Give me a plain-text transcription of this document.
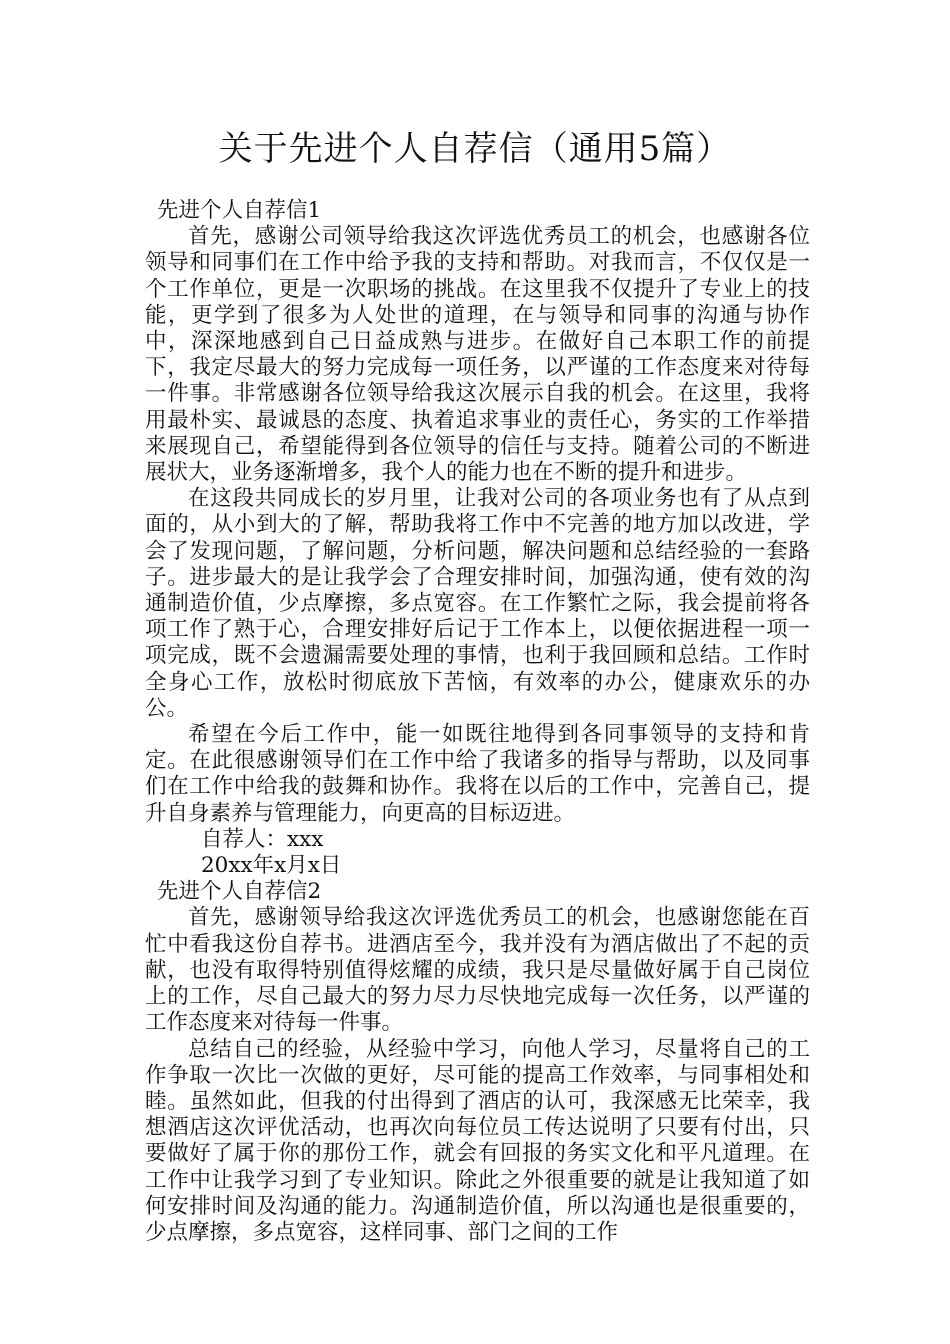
关于先进个人自荐信（通用5篇）
先进个人自荐信1

首先，感谢公司领导给我这次评选优秀员工的机会，也感谢各位领导和同事们在工作中给予我的支持和帮助。对我而言，不仅仅是一个工作单位，更是一次职场的挑战。在这里我不仅提升了专业上的技能，更学到了很多为人处世的道理，在与领导和同事的沟通与协作中，深深地感到自己日益成熟与进步。在做好自己本职工作的前提下，我定尽最大的努力完成每一项任务，以严谨的工作态度来对待每一件事。非常感谢各位领导给我这次展示自我的机会。在这里，我将用最朴实、最诚恳的态度、执着追求事业的责任心，务实的工作举措来展现自己，希望能得到各位领导的信任与支持。随着公司的不断进展状大，业务逐渐增多，我个人的能力也在不断的提升和进步。

在这段共同成长的岁月里，让我对公司的各项业务也有了从点到面的，从小到大的了解，帮助我将工作中不完善的地方加以改进，学会了发现问题，了解问题，分析问题，解决问题和总结经验的一套路子。进步最大的是让我学会了合理安排时间，加强沟通，使有效的沟通制造价值，少点摩擦，多点宽容。在工作繁忙之际，我会提前将各项工作了熟于心，合理安排好后记于工作本上，以便依据进程一项一项完成，既不会遗漏需要处理的事情，也利于我回顾和总结。工作时全身心工作，放松时彻底放下苦恼，有效率的办公，健康欢乐的办公。

希望在今后工作中，能一如既往地得到各同事领导的支持和肯定。在此很感谢领导们在工作中给了我诸多的指导与帮助，以及同事们在工作中给我的鼓舞和协作。我将在以后的工作中，完善自己，提升自身素养与管理能力，向更高的目标迈进。

自荐人：xxx

20xx年x月x日

先进个人自荐信2

首先，感谢领导给我这次评选优秀员工的机会，也感谢您能在百忙中看我这份自荐书。进酒店至今，我并没有为酒店做出了不起的贡献，也没有取得特别值得炫耀的成绩，我只是尽量做好属于自己岗位上的工作，尽自己最大的努力尽力尽快地完成每一次任务，以严谨的工作态度来对待每一件事。

总结自己的经验，从经验中学习，向他人学习，尽量将自己的工作争取一次比一次做的更好，尽可能的提高工作效率，与同事相处和睦。虽然如此，但我的付出得到了酒店的认可，我深感无比荣幸，我想酒店这次评优活动，也再次向每位员工传达说明了只要有付出，只要做好了属于你的那份工作，就会有回报的务实文化和平凡道理。在工作中让我学习到了专业知识。除此之外很重要的就是让我知道了如何安排时间及沟通的能力。沟通制造价值，所以沟通也是很重要的，少点摩擦，多点宽容，这样同事、部门之间的工作
